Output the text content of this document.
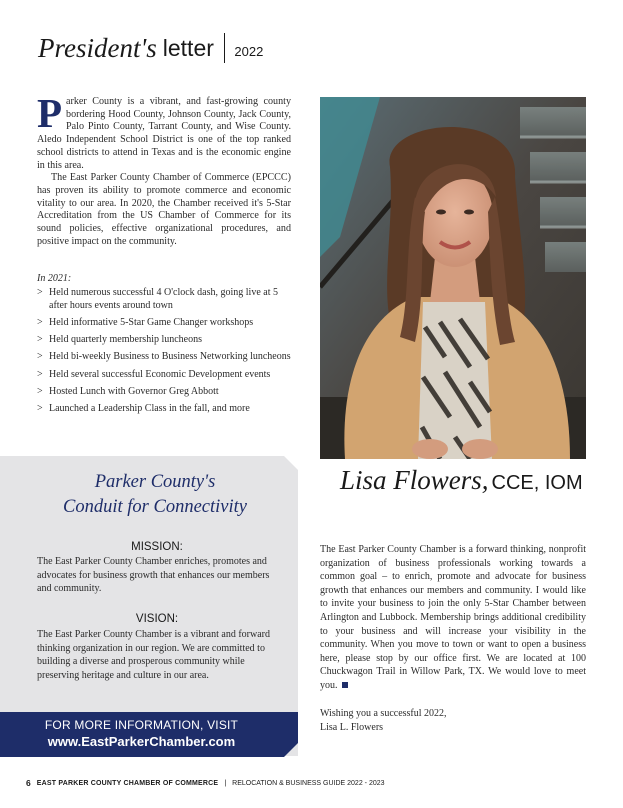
President's letter 2022

Parker County is a vibrant, and fast-growing county bordering Hood County, Johnson County, Jack County, Palo Pinto County, Tarrant County, and Wise County. Aledo Independent School District is one of the top ranked school districts to attend in Texas and is the economic engine in this area.

The East Parker County Chamber of Commerce (EPCCC) has proven its ability to promote commerce and economic vitality to our area. In 2020, the Chamber received it's 5-Star Accreditation from the US Chamber of Commerce for its sound policies, effective organizational procedures, and positive impact on the community.

In 2021:
> Held numerous successful 4 O'clock dash, going live at 5 after hours events around town
> Held informative 5-Star Game Changer workshops
> Held quarterly membership luncheons
> Held bi-weekly Business to Business Networking luncheons
> Held several successful Economic Development events
> Hosted Lunch with Governor Greg Abbott
> Launched a Leadership Class in the fall, and more
Lisa Flowers, CCE, IOM
Parker County's
Conduit for Connectivity
MISSION:
The East Parker County Chamber enriches, promotes and advocates for business growth that enhances our members and community.
VISION:
The East Parker County Chamber is a vibrant and forward thinking organization in our region. We are committed to building a diverse and prosperous community while preserving heritage and culture in our area.
FOR MORE INFORMATION, VISIT
www.EastParkerChamber.com
The East Parker County Chamber is a forward thinking, nonprofit organization of business professionals working towards a common goal – to enrich, promote and advocate for business growth that enhances our members and community. I would like to invite your business to join the only 5-Star Chamber between Arlington and Lubbock. Membership brings additional credibility to your business and will increase your visibility in the community. When you move to town or want to open a business here, please stop by our office first. We are located at 100 Chuckwagon Trail in Willow Park, TX. We would love to meet you.
Wishing you a successful 2022,
Lisa L. Flowers
6 EAST PARKER COUNTY CHAMBER OF COMMERCE | RELOCATION & BUSINESS GUIDE 2022 - 2023
